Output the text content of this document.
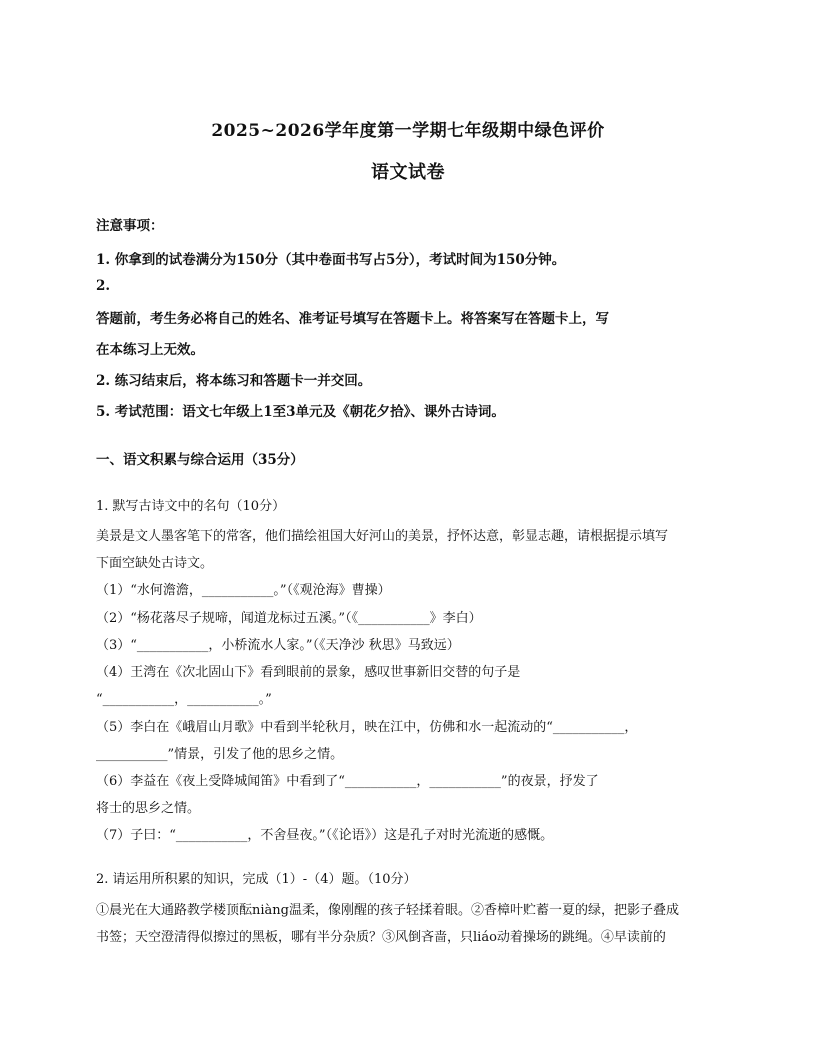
2025~2026学年度第一学期七年级期中绿色评价
语文试卷
注意事项：
1. 你拿到的试卷满分为150分（其中卷面书写占5分），考试时间为150分钟。
2.
答题前，考生务必将自己的姓名、准考证号填写在答题卡上。将答案写在答题卡上，写
在本练习上无效。
2. 练习结束后，将本练习和答题卡一并交回。
5. 考试范围：语文七年级上1至3单元及《朝花夕拾》、课外古诗词。
一、语文积累与综合运用（35分）
1. 默写古诗文中的名句（10分）
美景是文人墨客笔下的常客，他们描绘祖国大好河山的美景，抒怀达意，彰显志趣，请根据提示填写
下面空缺处古诗文。
（1）“水何澹澹，___________。”（《观沧海》曹操）
（2）“杨花落尽子规啼，闻道龙标过五溪。”（《___________》李白）
（3）“___________，小桥流水人家。”（《天净沙 秋思》马致远）
（4）王湾在《次北固山下》看到眼前的景象，感叹世事新旧交替的句子是
“___________，___________。”
（5）李白在《峨眉山月歌》中看到半轮秋月，映在江中，仿佛和水一起流动的“___________，
___________”情景，引发了他的思乡之情。
（6）李益在《夜上受降城闻笛》中看到了“___________，___________”的夜景，抒发了
将士的思乡之情。
（7）子曰：“___________，不舍昼夜。”（《论语》）这是孔子对时光流逝的感慨。
2. 请运用所积累的知识，完成（1）-（4）题。（10分）
①晨光在大通路教学楼顶酝niàng温柔，像刚醒的孩子轻揉着眼。②香樟叶贮蓄一夏的绿，把影子叠成
书签；天空澄清得似擦过的黑板，哪有半分杂质？③风倒吝啬，只liáo动着操场的跳绳。④早读前的
